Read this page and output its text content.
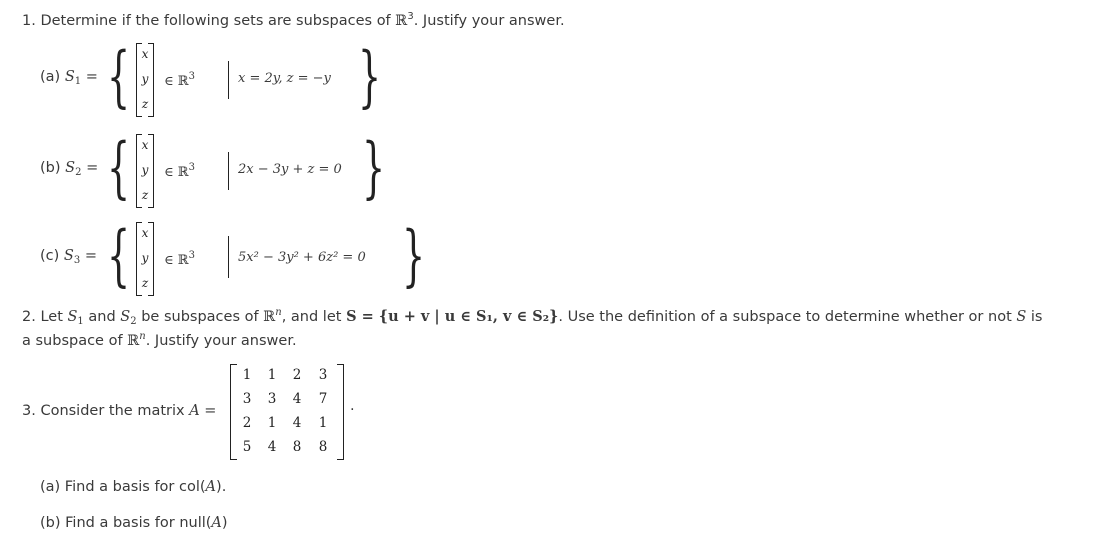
1. Determine if the following sets are subspaces of ℝ$^3$. Justify your answer.
(a) $S_1$ = { x
y
z
∈ ℝ$^3$	x = 2y, z = −y }
(b) $S_2$ = { x
y
z
∈ ℝ$^3$	2x − 3y + z = 0 }
(c) $S_3$ = { x
y
z
∈ ℝ$^3$	5x² − 3y² + 6z² = 0 }
2. Let $S_1$ and $S_2$ be subspaces of ℝ$^n$, and let S = {u + v | u ∈ S₁, v ∈ S₂}. Use the definition of a subspace to determine whether or not S is
a subspace of ℝ$^n$. Justify your answer.
3. Consider the matrix A =
1	1	2	3
3	3	4	7
2	1	4	1
5	4	8	8
.
(a) Find a basis for col(A).
(b) Find a basis for null(A)
